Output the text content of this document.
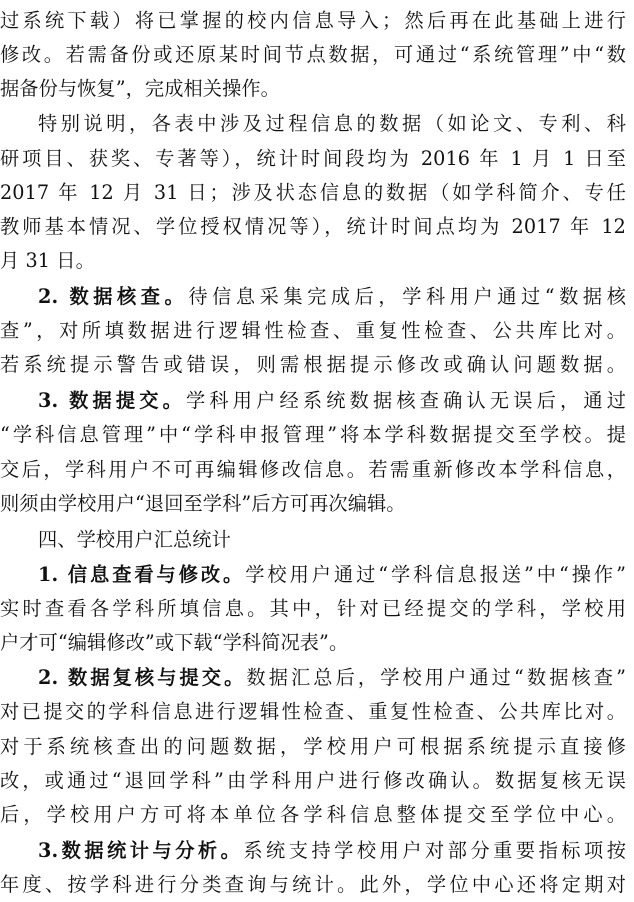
过系统下载）将已掌握的校内信息导入；然后再在此基础上进行
修改。若需备份或还原某时间节点数据，可通过“系统管理”中“数
据备份与恢复”，完成相关操作。
特别说明，各表中涉及过程信息的数据（如论文、专利、科
研项目、获奖、专著等），统计时间段均为 2016 年 1 月 1 日至
2017 年 12 月 31 日；涉及状态信息的数据（如学科简介、专任
教师基本情况、学位授权情况等），统计时间点均为 2017 年 12
月 31 日。
2. 数据核查。待信息采集完成后，学科用户通过“数据核
查”，对所填数据进行逻辑性检查、重复性检查、公共库比对。
若系统提示警告或错误，则需根据提示修改或确认问题数据。
3. 数据提交。学科用户经系统数据核查确认无误后，通过
“学科信息管理”中“学科申报管理”将本学科数据提交至学校。提
交后，学科用户不可再编辑修改信息。若需重新修改本学科信息，
则须由学校用户“退回至学科”后方可再次编辑。
四、学校用户汇总统计
1. 信息查看与修改。学校用户通过“学科信息报送”中“操作”
实时查看各学科所填信息。其中，针对已经提交的学科，学校用
户才可“编辑修改”或下载“学科简况表”。
2. 数据复核与提交。数据汇总后，学校用户通过“数据核查”
对已提交的学科信息进行逻辑性检查、重复性检查、公共库比对。
对于系统核查出的问题数据，学校用户可根据系统提示直接修
改，或通过“退回学科”由学科用户进行修改确认。数据复核无误
后，学校用户方可将本单位各学科信息整体提交至学位中心。
3.数据统计与分析。系统支持学校用户对部分重要指标项按
年度、按学科进行分类查询与统计。此外，学位中心还将定期对
